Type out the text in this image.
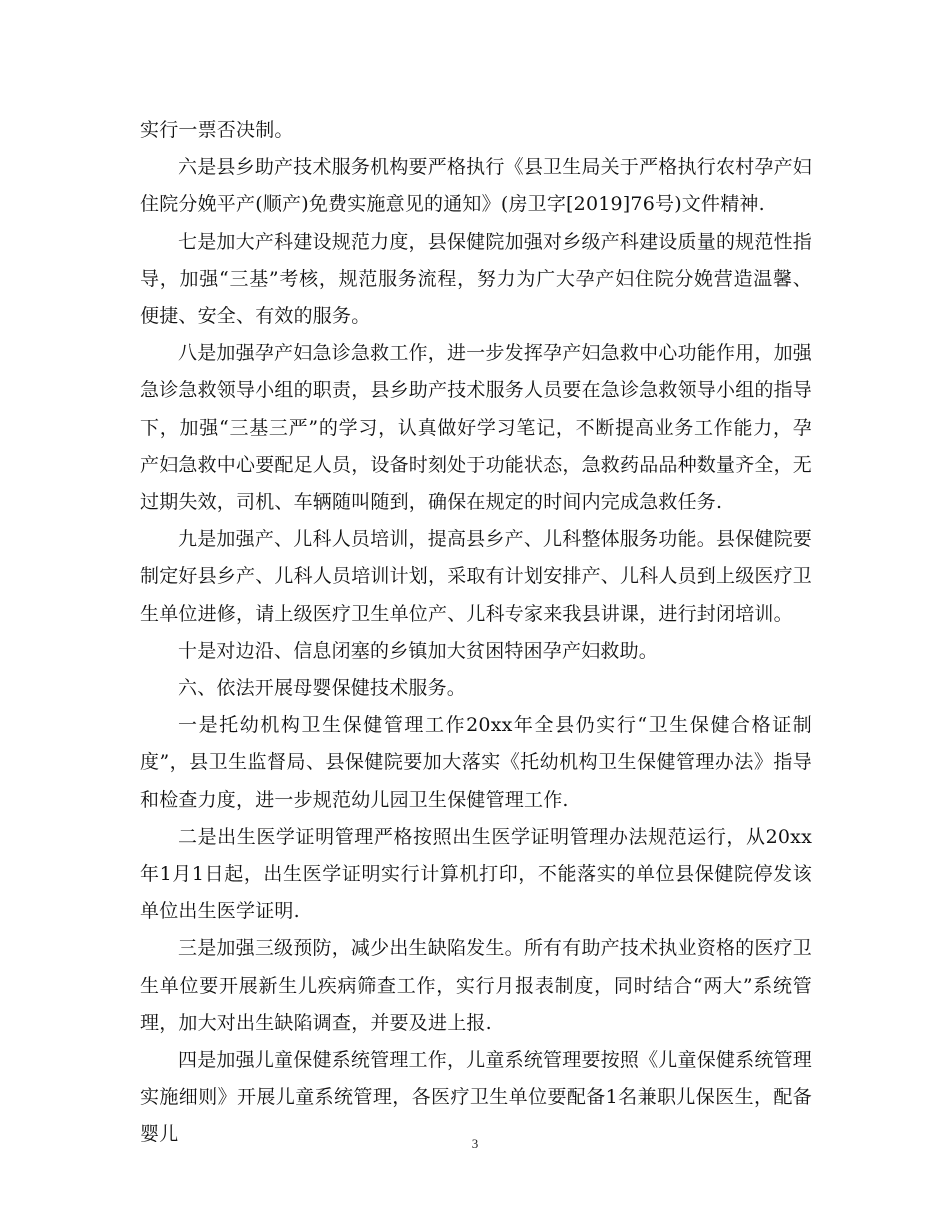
实行一票否决制。

六是县乡助产技术服务机构要严格执行《县卫生局关于严格执行农村孕产妇住院分娩平产(顺产)免费实施意见的通知》(房卫字[2019]76号)文件精神.

七是加大产科建设规范力度，县保健院加强对乡级产科建设质量的规范性指导，加强“三基”考核，规范服务流程，努力为广大孕产妇住院分娩营造温馨、便捷、安全、有效的服务。

八是加强孕产妇急诊急救工作，进一步发挥孕产妇急救中心功能作用，加强急诊急救领导小组的职责，县乡助产技术服务人员要在急诊急救领导小组的指导下，加强“三基三严”的学习，认真做好学习笔记，不断提高业务工作能力，孕产妇急救中心要配足人员，设备时刻处于功能状态，急救药品品种数量齐全，无过期失效，司机、车辆随叫随到，确保在规定的时间内完成急救任务.

九是加强产、儿科人员培训，提高县乡产、儿科整体服务功能。县保健院要制定好县乡产、儿科人员培训计划，采取有计划安排产、儿科人员到上级医疗卫生单位进修，请上级医疗卫生单位产、儿科专家来我县讲课，进行封闭培训。

十是对边沿、信息闭塞的乡镇加大贫困特困孕产妇救助。

六、依法开展母婴保健技术服务。

一是托幼机构卫生保健管理工作20xx年全县仍实行“卫生保健合格证制度”，县卫生监督局、县保健院要加大落实《托幼机构卫生保健管理办法》指导和检查力度，进一步规范幼儿园卫生保健管理工作.

二是出生医学证明管理严格按照出生医学证明管理办法规范运行，从20xx年1月1日起，出生医学证明实行计算机打印，不能落实的单位县保健院停发该单位出生医学证明.

三是加强三级预防，减少出生缺陷发生。所有有助产技术执业资格的医疗卫生单位要开展新生儿疾病筛查工作，实行月报表制度，同时结合“两大”系统管理，加大对出生缺陷调查，并要及进上报.

四是加强儿童保健系统管理工作，儿童系统管理要按照《儿童保健系统管理实施细则》开展儿童系统管理，各医疗卫生单位要配备1名兼职儿保医生，配备婴儿	3
